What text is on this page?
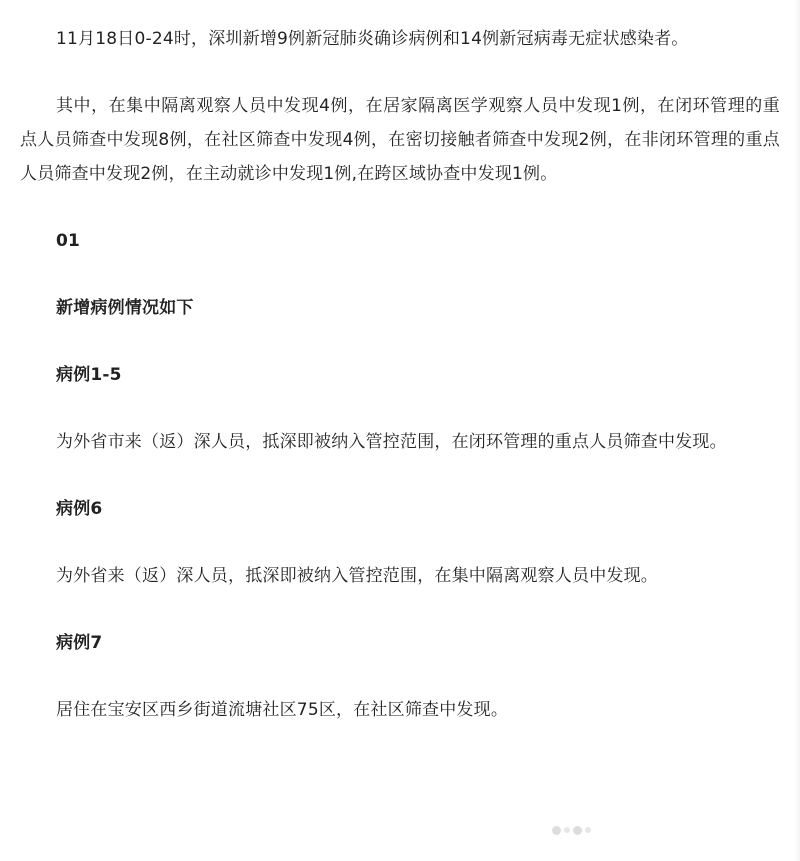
11月18日0-24时，深圳新增9例新冠肺炎确诊病例和14例新冠病毒无症状感染者。

其中，在集中隔离观察人员中发现4例，在居家隔离医学观察人员中发现1例，在闭环管理的重点人员筛查中发现8例，在社区筛查中发现4例，在密切接触者筛查中发现2例，在非闭环管理的重点人员筛查中发现2例，在主动就诊中发现1例,在跨区域协查中发现1例。

01

新增病例情况如下

病例1-5

为外省市来（返）深人员，抵深即被纳入管控范围，在闭环管理的重点人员筛查中发现。

病例6

为外省来（返）深人员，抵深即被纳入管控范围，在集中隔离观察人员中发现。

病例7

居住在宝安区西乡街道流塘社区75区，在社区筛查中发现。
